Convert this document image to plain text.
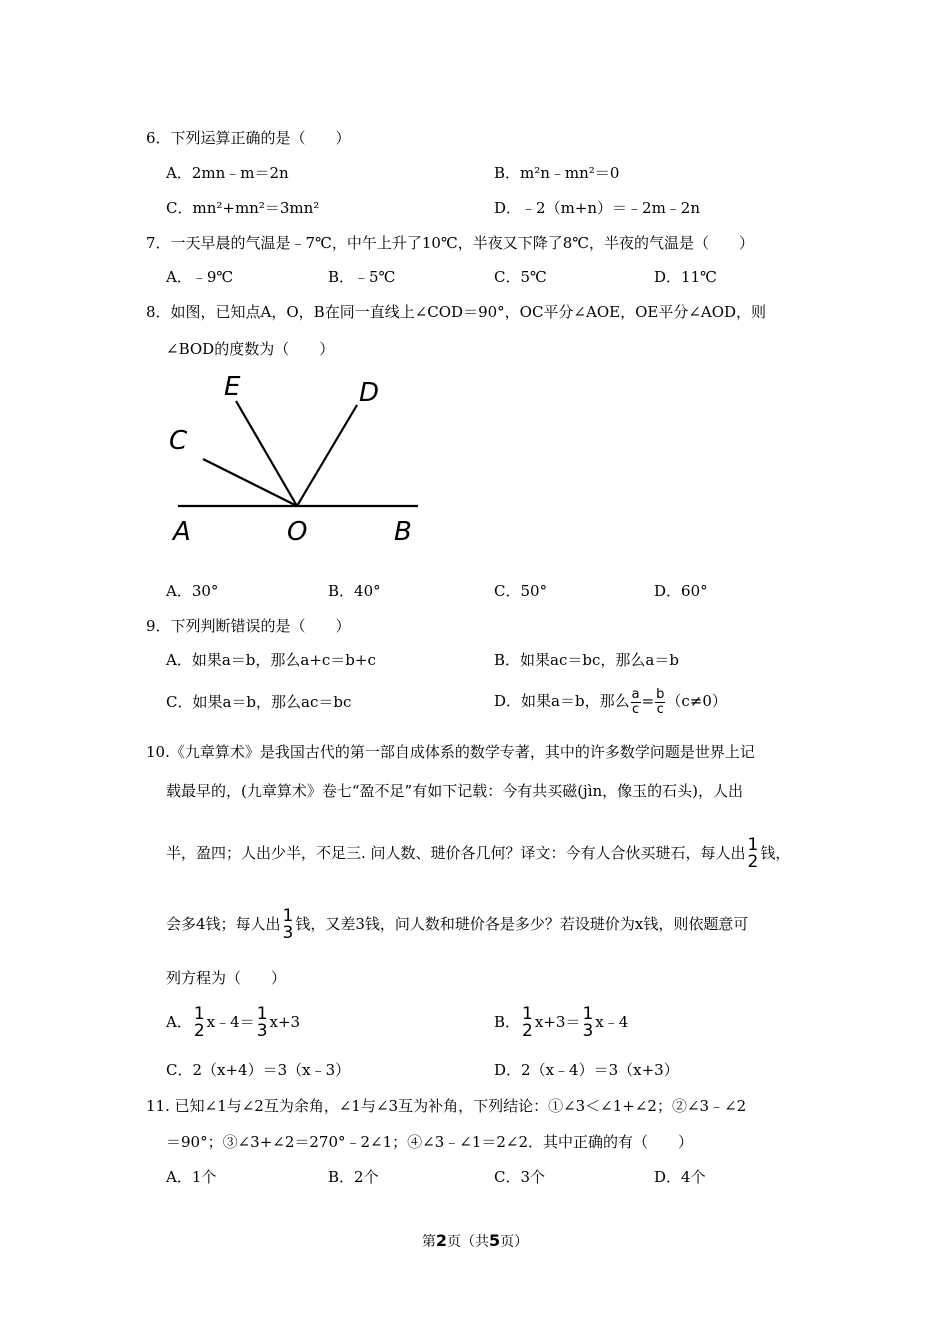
6．下列运算正确的是（　　）
A．2mn﹣m＝2n	B．m²n﹣mn²＝0
C．mn²+mn²＝3mn²	D．﹣2（m+n）＝﹣2m﹣2n
7．一天早晨的气温是﹣7℃，中午上升了10℃，半夜又下降了8℃，半夜的气温是（　　）
A．﹣9℃	B．﹣5℃	C．5℃	D．11℃
8．如图，已知点A，O，B在同一直线上∠COD＝90°，OC平分∠AOE，OE平分∠AOD，则
∠BOD的度数为（　　）
E	D
C
A	O	B
A．30°	B．40°	C．50°	D．60°
9．下列判断错误的是（　　）
A．如果a＝b，那么a+c＝b+c	B．如果ac＝bc，那么a＝b
C．如果a＝b，那么ac＝bc	D．如果a＝b，那么 $\frac{a}{c} = \frac{b}{c} (c\ne 0)$
10.《九章算术》是我国古代的第一部自成体系的数学专著，其中的许多数学问题是世界上记
载最早的，(九章算术》卷七“盈不足”有如下记载：今有共买磁(jìn，像玉的石头)，人出
半，盈四；人出少半，不足三. 问人数、琎价各几何？译文：今有人合伙买琎石，每人出 1
2 钱，
会多4钱；每人出 1
3 钱，又差3钱，问人数和琎价各是多少？若设琎价为x钱，则依题意可
列方程为（　　）
A． 1
2 x﹣4＝ 1
3 x+3	B． 1
2 x+3＝ 1
3 x﹣4
C．2（x+4）＝3（x﹣3）	D．2（x﹣4）＝3（x+3）
11. 已知∠1与∠2互为余角，∠1与∠3互为补角，下列结论：①∠3＜∠1+∠2；②∠3﹣∠2
＝90°；③∠3+∠2＝270°﹣2∠1；④∠3﹣∠1＝2∠2．其中正确的有（　　）
A．1个	B．2个	C．3个	D．4个
第2页（共5页）
